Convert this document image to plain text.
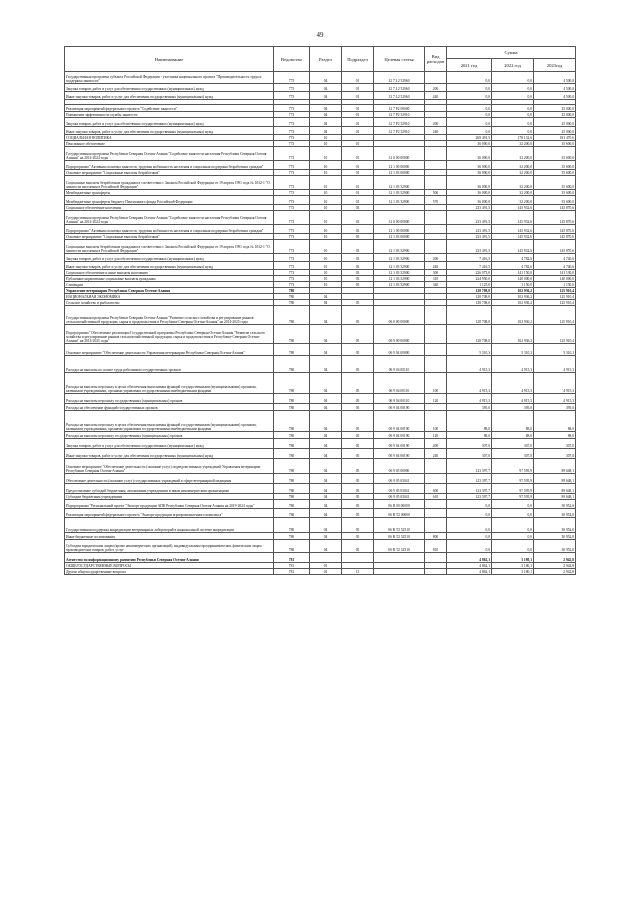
49
Наименование	Ведомство	Раздел	Подраздел	Целевая статья	Вид расходов	Сумма		
						2021 год	2022 год	2023год
Государственная программа субъекта Российской Федерации - участника национального проекта "Производительность труда и поддержка занятости"	773	04	01	12 7 L2 52960		0,0	0,0	4 500,0
Закупка товаров, работ и услуг для обеспечения государственных (муниципальных) нужд	773	04	01	12 7 L2 52960	200	0,0	0,0	4 500,0
Иные закупки товаров, работ и услуг для обеспечения государственных (муниципальных) нужд	773	04	01	12 7 L2 52960	240	0,0	0,0	4 500,0

Реализация мероприятий федерального проекта "Содействие занятости"	773	04	01	12 7 P2 00000		0,0	0,0	25 000,0
Повышение эффективности службы занятости	773	04	01	12 7 P2 52910		0,0	0,0	25 000,0
Закупка товаров, работ и услуг для обеспечения государственных (муниципальных) нужд	773	04	01	12 7 P2 52910	200	0,0	0,0	25 000,0
Иные закупки товаров, работ и услуг для обеспечения государственных (муниципальных) нужд	773	04	01	12 7 P2 52910	240	0,0	0,0	25 000,0
СОЦИАЛЬНАЯ ПОЛИТИКА	773	10				269 491,5	178 132,6	181 470,6
Пенсионное обеспечение	773	10	01			36 000,0	32 200,0	35 600,0
Государственная программа Республики Северная Осетия-Алания "Содействие занятости населения Республики Северная Осетия-Алания" на 2014-2024 годы	773	10	01	12 0 00 00000		36 000,0	32 200,0	35 600,0
Подпрограмма "Активная политика занятости, трудовая мобильность населения и социальная поддержка безработных граждан"	773	10	01	12 1 00 00000		36 000,0	32 200,0	35 600,0
Основное мероприятие "Социальные выплаты безработным"	773	10	01	12 1 03 00000		36 000,0	32 200,0	35 600,0
Социальные выплаты безработным гражданам в соответствии с Законом Российской Федерации от 19 апреля 1991 года № 1032-1 "О занятости населения в Российской Федерации"	773	10	01	12 1 03 52900		36 000,0	32 200,0	35 600,0
Межбюджетные трансферты	773	10	01	12 1 03 52900	500	36 000,0	32 200,0	35 600,0
Межбюджетные трансферты бюджету Пенсионного фонда Российской Федерации	773	10	01	12 1 03 52900	570	36 000,0	32 200,0	35 600,0
Социальное обеспечение населения	773	10	03			233 491,5	145 932,6	145 870,6
Государственная программа Республики Северная Осетия-Алания "Содействие занятости населения Республики Северная Осетия-Алания" на 2014-2024 годы	773	10	03	12 0 00 00000		233 491,5	145 932,6	145 870,6
Подпрограмма "Активная политика занятости, трудовая мобильность населения и социальная поддержка безработных граждан"	773	10	03	12 1 00 00000		233 491,5	145 932,6	145 870,6
Основное мероприятие "Социальные выплаты безработным"	773	10	03	12 1 03 00000		233 491,5	145 932,6	145 870,6
Социальные выплаты безработным гражданам в соответствии с Законом Российской Федерации от 19 апреля 1991 года № 1032-1 "О занятости населения в Российской Федерации"	773	10	03	12 1 03 52900		233 491,5	145 932,6	145 870,6
Закупка товаров, работ и услуг для обеспечения государственных (муниципальных) нужд	773	10	03	12 1 03 52900	200	7 416,5	4 782,6	4 740,6
Иные закупки товаров, работ и услуг для обеспечения государственных (муниципальных) нужд	773	10	03	12 1 03 52900	240	7 416,5	4 782,6	4 740,6
Социальное обеспечение и иные выплаты населению	773	10	03	12 1 03 52900	300	226 075,0	141 150,0	141 130,0
Публичные нормативные социальные выплаты гражданам	773	10	03	12 1 03 52900	310	224 950,0	140 000,0	140 000,0
Стипендии	773	10	03	12 1 03 52900	340	1 125,0	1 150,0	1 130,0
Управление ветеринарии Республики Северная Осетия-Алания	780					128 708,0	102 936,2	125 910,4
НАЦИОНАЛЬНАЯ ЭКОНОМИКА	780	04				128 708,0	102 936,2	125 910,4
Сельское хозяйство и рыболовство	780	04	05			128 708,0	102 936,2	125 910,4
Государственная программа Республики Северная Осетия-Алания "Развитие сельского хозяйства и регулирование рынков сельскохозяйственной продукции, сырья и продовольствия в Республике Северная Осетия-Алания" на 2014-2025 годы	780	04	05	06 0 00 00000		128 708,0	102 936,2	125 910,4
Подпрограмма "Обеспечение реализации Государственной программы Республики Северная Осетия-Алания "Развитие сельского хозяйства и регулирование рынков сельскохозяйственной продукции, сырья и продовольствия в Республике Северная Осетия-Алания" на 2014-2025 годы"	780	04	05	06 9 00 00000		128 708,0	102 936,2	125 910,4
Основное мероприятие "Обеспечение деятельности Управления ветеринарии Республики Северная Осетия-Алания"	780	04	05	06 9 04 00000		5 310,3	5 310,3	5 310,3
Расходы на выплаты по оплате труда работников государственных органов	780	04	05	06 9 04 00110		4 915,3	4 915,3	4 915,3
Расходы на выплаты персоналу в целях обеспечения выполнения функций государственными (муниципальными) органами, казенными учреждениями, органами управления государственными внебюджетными фондами	780	04	05	06 9 04 00110	100	4 915,3	4 915,3	4 915,3
Расходы на выплаты персоналу государственных (муниципальных) органов	780	04	05	06 9 04 00110	120	4 915,3	4 915,3	4 915,3
Расходы на обеспечение функций государственных органов	780	04	05	06 9 04 00190		395,0	395,0	395,0
Расходы на выплаты персоналу в целях обеспечения выполнения функций государственными (муниципальными) органами, казенными учреждениями, органами управления государственными внебюджетными фондами	780	04	05	06 9 04 00190	100	88,0	88,0	88,0
Расходы на выплаты персоналу государственных (муниципальных) органов	780	04	05	06 9 04 00190	120	88,0	88,0	88,0
Закупка товаров, работ и услуг для обеспечения государственных (муниципальных) нужд	780	04	05	06 9 04 00190	200	307,0	307,0	307,0
Иные закупки товаров, работ и услуг для обеспечения государственных (муниципальных) нужд	780	04	05	06 9 04 00190	240	307,0	307,0	307,0
Основное мероприятие "Обеспечение деятельности (оказание услуг) подведомственных учреждений Управления ветеринарии Республики Северная Осетия-Алания"	780	04	05	06 9 05 00000		123 397,7	97 595,9	89 648,1
Обеспечение деятельности (оказание услуг) государственных учреждений в сфере ветеринарной медицины	780	04	05	06 9 05 03041		123 397,7	97 595,9	89 648,1
Предоставление субсидий бюджетным, автономным учреждениям и иным некоммерческим организациям	780	04	05	06 9 05 03041	600	123 397,7	97 595,9	89 648,1
Субсидии бюджетным учреждениям	780	04	05	06 9 05 03041	610	123 397,7	97 595,9	89 648,1
Подпрограмма "Региональный проект "Экспорт продукции АПК Республики Северная Осетия-Алания на 2019-2024 годы"	780	04	05	06 В 00 00000		0,0	0,0	30 952,0
Реализация мероприятий федерального проекта "Экспорт продукции агропромышленного комплекса"	780	04	05	06 В T2 00000		0,0	0,0	30 952,0
Государственная поддержка аккредитации ветеринарных лабораторий в национальной системе аккредитации	780	04	05	06 В T2 52510		0,0	0,0	30 952,0
Иные бюджетные ассигнования	780	04	05	06 В T2 52510	800	0,0	0,0	30 952,0
Субсидии юридическим лицам (кроме некоммерческих организаций), индивидуальным предпринимателям, физическим лицам - производителям товаров, работ, услуг	780	04	05	06 В T2 52510	810	0,0	0,0	30 952,0
Агентство по информационному развитию Республики Северная Осетия-Алания	781					4 862,1	3 180,1	2 942,8
ОБЩЕГОСУДАРСТВЕННЫЕ ВОПРОСЫ	781	01				4 862,1	3 180,1	2 942,8
Другие общегосударственные вопросы	781	01	13			4 862,1	3 180,1	2 942,8
